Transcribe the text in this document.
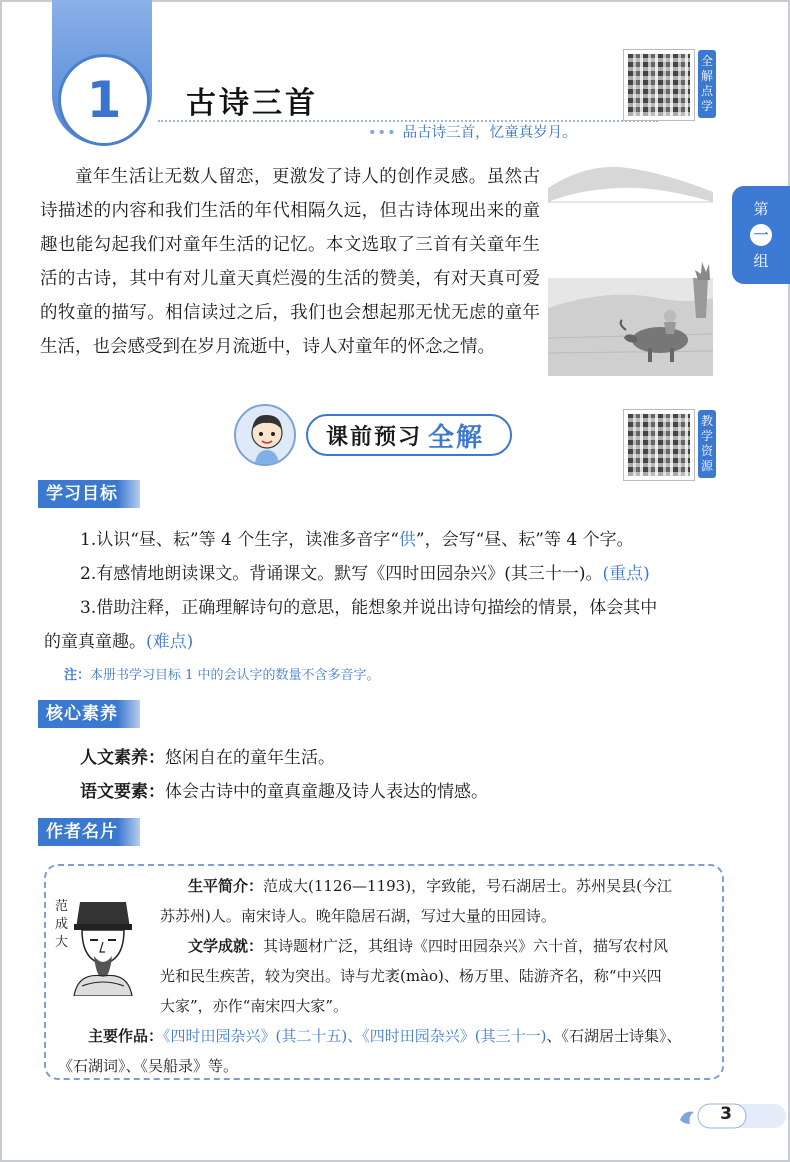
1 古诗三首
••• 品古诗三首，忆童真岁月。
全解点学
第
一
组

童年生活让无数人留恋，更激发了诗人的创作灵感。虽然古诗描述的内容和我们生活的年代相隔久远，但古诗体现出来的童趣也能勾起我们对童年生活的记忆。本文选取了三首有关童年生活的古诗，其中有对儿童天真烂漫的生活的赞美，有对天真可爱的牧童的描写。相信读过之后，我们也会想起那无忧无虑的童年生活，也会感受到在岁月流逝中，诗人对童年的怀念之情。

课前预习 全解
教学资源
学习目标
1.认识“昼、耘”等 4 个生字，读准多音字“供”，会写“昼、耘”等 4 个字。
2.有感情地朗读课文。背诵课文。默写《四时田园杂兴》(其三十一)。(重点)
3.借助注释，正确理解诗句的意思，能想象并说出诗句描绘的情景，体会其中
的童真童趣。(难点)
注：本册书学习目标 1 中的会认字的数量不含多音字。
核心素养
人文素养：悠闲自在的童年生活。
语文要素：体会古诗中的童真童趣及诗人表达的情感。
作者名片
范 成 大
生平简介：范成大(1126—1193)，字致能，号石湖居士。苏州吴县(今江
苏苏州)人。南宋诗人。晚年隐居石湖，写过大量的田园诗。
文学成就：其诗题材广泛，其组诗《四时田园杂兴》六十首，描写农村风
光和民生疾苦，较为突出。诗与尤袤(mào)、杨万里、陆游齐名，称“中兴四
大家”，亦作“南宋四大家”。
主要作品：《四时田园杂兴》(其二十五)、《四时田园杂兴》(其三十一)、《石湖居士诗集》、
《石湖词》、《吴船录》等。
3
